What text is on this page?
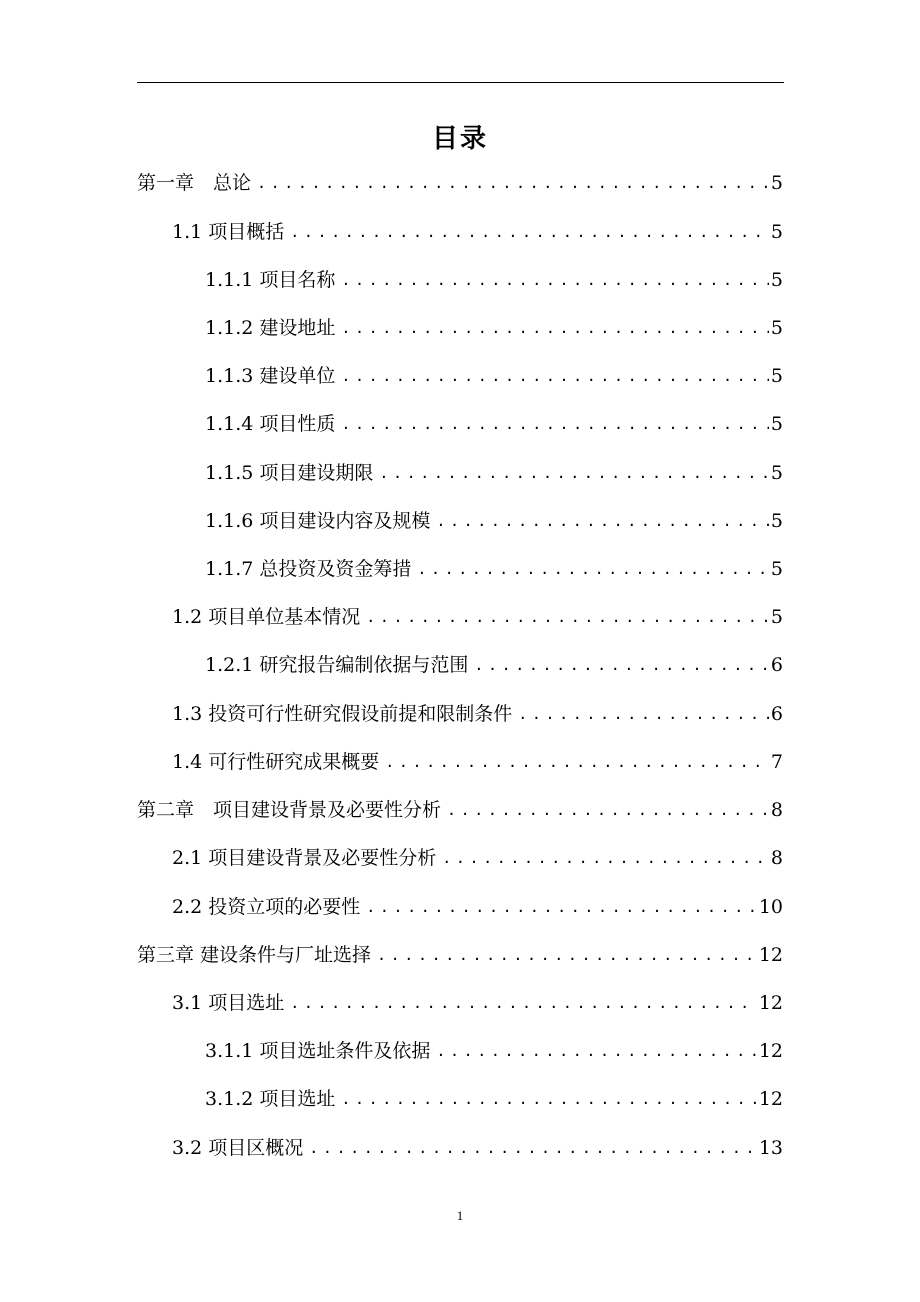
目录
第一章　总论 .....	5
1.1 项目概括 .....	5
1.1.1 项目名称 .....	5
1.1.2 建设地址 .....	5
1.1.3 建设单位 .....	5
1.1.4 项目性质 .....	5
1.1.5 项目建设期限 .....	5
1.1.6 项目建设内容及规模 .....	5
1.1.7 总投资及资金筹措 .....	5
1.2 项目单位基本情况 .....	5
1.2.1 研究报告编制依据与范围 .....	6
1.3 投资可行性研究假设前提和限制条件 .....	6
1.4 可行性研究成果概要 .....	7
第二章　项目建设背景及必要性分析 .....	8
2.1 项目建设背景及必要性分析 .....	8
2.2 投资立项的必要性 .....	10
第三章 建设条件与厂址选择 .....	12
3.1 项目选址 .....	12
3.1.1 项目选址条件及依据 .....	12
3.1.2 项目选址 .....	12
3.2 项目区概况 .....	13
1
